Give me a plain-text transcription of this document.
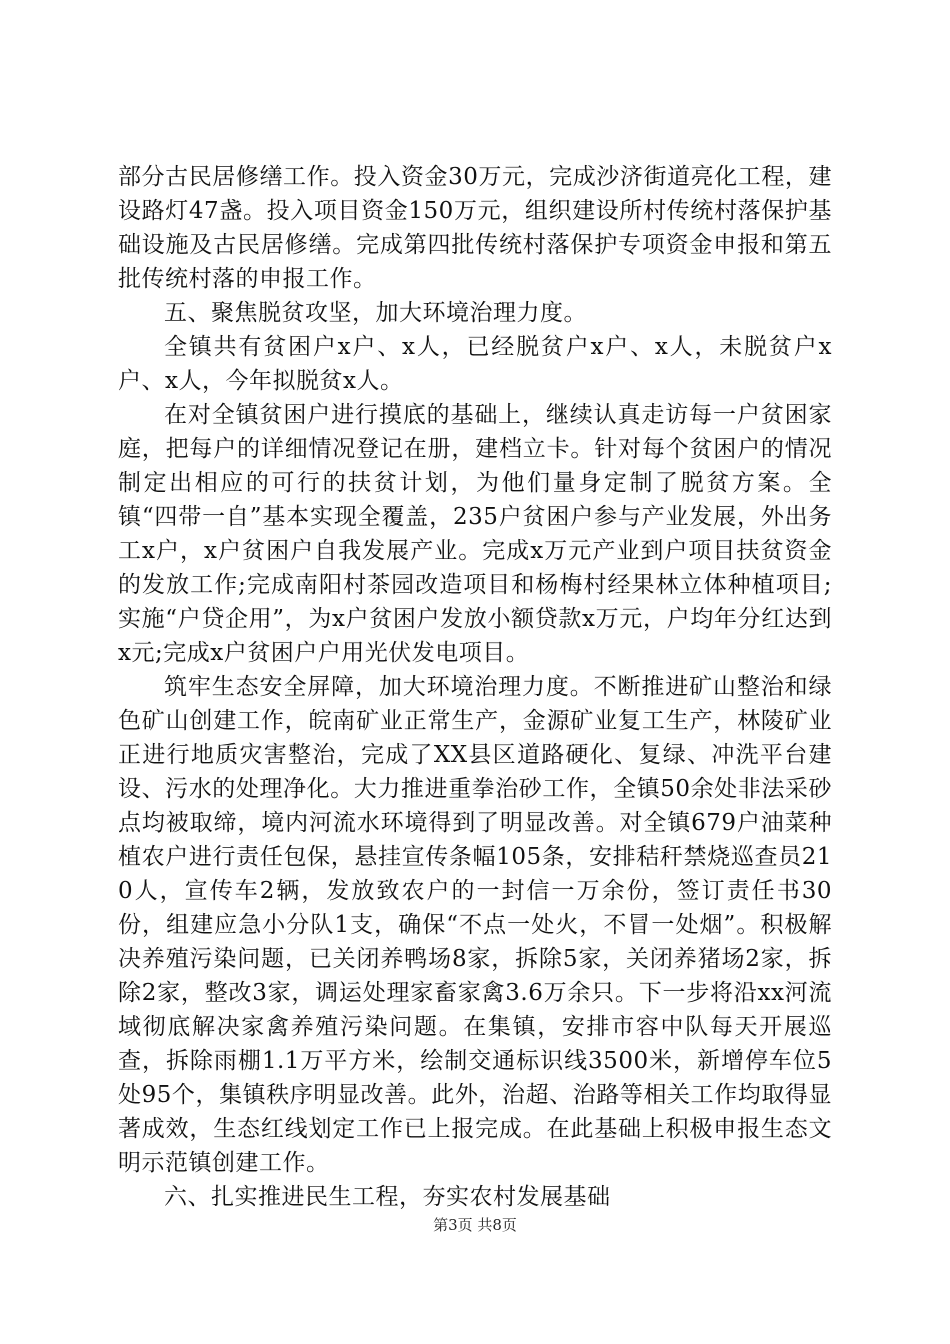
部分古民居修缮工作。投入资金30万元，完成沙济街道亮化工程，建设路灯47盏。投入项目资金150万元，组织建设所村传统村落保护基础设施及古民居修缮。完成第四批传统村落保护专项资金申报和第五批传统村落的申报工作。

五、聚焦脱贫攻坚，加大环境治理力度。

全镇共有贫困户x户、x人，已经脱贫户x户、x人，未脱贫户x户、x人，今年拟脱贫x人。

在对全镇贫困户进行摸底的基础上，继续认真走访每一户贫困家庭，把每户的详细情况登记在册，建档立卡。针对每个贫困户的情况制定出相应的可行的扶贫计划，为他们量身定制了脱贫方案。全镇“四带一自”基本实现全覆盖，235户贫困户参与产业发展，外出务工x户，x户贫困户自我发展产业。完成x万元产业到户项目扶贫资金的发放工作;完成南阳村茶园改造项目和杨梅村经果林立体种植项目;实施“户贷企用”，为x户贫困户发放小额贷款x万元，户均年分红达到x元;完成x户贫困户户用光伏发电项目。

筑牢生态安全屏障，加大环境治理力度。不断推进矿山整治和绿色矿山创建工作，皖南矿业正常生产，金源矿业复工生产，林陵矿业正进行地质灾害整治，完成了XX县区道路硬化、复绿、冲洗平台建设、污水的处理净化。大力推进重拳治砂工作，全镇50余处非法采砂点均被取缔，境内河流水环境得到了明显改善。对全镇679户油菜种植农户进行责任包保，悬挂宣传条幅105条，安排秸秆禁烧巡查员210人，宣传车2辆，发放致农户的一封信一万余份，签订责任书30份，组建应急小分队1支，确保“不点一处火，不冒一处烟”。积极解决养殖污染问题，已关闭养鸭场8家，拆除5家，关闭养猪场2家，拆除2家，整改3家，调运处理家畜家禽3.6万余只。下一步将沿xx河流域彻底解决家禽养殖污染问题。在集镇，安排市容中队每天开展巡查，拆除雨棚1.1万平方米，绘制交通标识线3500米，新增停车位5处95个，集镇秩序明显改善。此外，治超、治路等相关工作均取得显著成效，生态红线划定工作已上报完成。在此基础上积极申报生态文明示范镇创建工作。

六、扎实推进民生工程，夯实农村发展基础

第3页 共8页
